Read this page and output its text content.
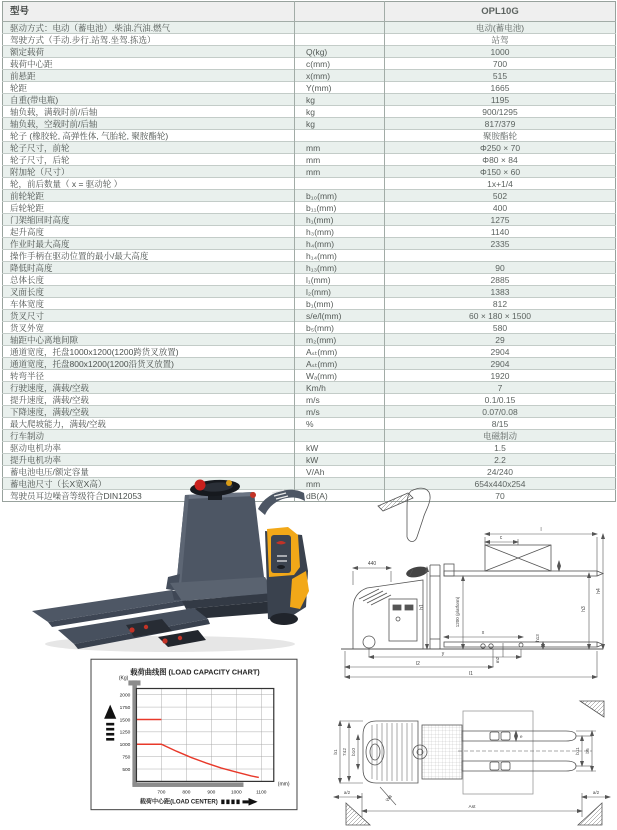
型号		OPL10G
驱动方式：电动（蓄电池）.柴油.汽油.燃气		电动(蓄电池)
驾驶方式（手动.步行.站驾.坐驾.拣选）		站驾
额定载荷	Q(kg)	1000
载荷中心距	c(mm)	700
前悬距	x(mm)	515
轮距	Y(mm)	1665
自重(带电瓶)	kg	1195
轴负载，满载时前/后轴	kg	900/1295
轴负载，空载时前/后轴	kg	817/379
轮子 (橡胶轮, 高弹性体, 气胎轮, 聚胺酯轮)		聚胺酯轮
轮子尺寸，前轮	mm	Φ250 × 70
轮子尺寸，后轮	mm	Φ80 × 84
附加轮（尺寸）	mm	Φ150 × 60
轮，前后数量（ x = 驱动轮 ）		1x+1/4
前轮轮距	b₁₀(mm)	502
后轮轮距	b₁₁(mm)	400
门架缩回时高度	h₁(mm)	1275
起升高度	h₃(mm)	1140
作业时最大高度	h₄(mm)	2335
操作手柄在驱动位置的最小/最大高度	h₁₄(mm)	
降低时高度	h₁₃(mm)	90
总体长度	l₁(mm)	2885
叉面长度	l₂(mm)	1383
车体宽度	b₁(mm)	812
货叉尺寸	s/e/l(mm)	60 × 180 × 1500
货叉外宽	b₅(mm)	580
轴距中心离地间隙	m₂(mm)	29
通道宽度，托盘1000x1200(1200跨货叉放置)	Aₛₜ(mm)	2904
通道宽度，托盘800x1200(1200沿货叉放置)	Aₛₜ(mm)	2904
转弯半径	Wₐ(mm)	1920
行驶速度，满载/空载	Km/h	7
提升速度，满载/空载	m/s	0.1/0.15
下降速度，满载/空载	m/s	0.07/0.08
最大爬坡能力，满载/空载	%	8/15
行车制动		电磁制动
驱动电机功率	kW	1.5
提升电机功率	kW	2.2
蓄电池电压/额定容量	V/Ah	24/240
蓄电池尺寸（长X宽X高）	mm	654x440x254
驾驶员耳边噪音等级符合DIN12053	dB(A)	70
载荷曲线图 (LOAD CAPACITY CHART)
2000
1750
1500
1250
1000
750
500
700	800	900	1000	1100
(Kg)
(mm)
载荷中心距(LOAD CENTER)
440
l
c
h1	1200 (platform)	h3
h4
x
h13
m2
y
l2
l1
b1 742 b10
e
b11 b5
Wa
a/2	a/2
Ast
